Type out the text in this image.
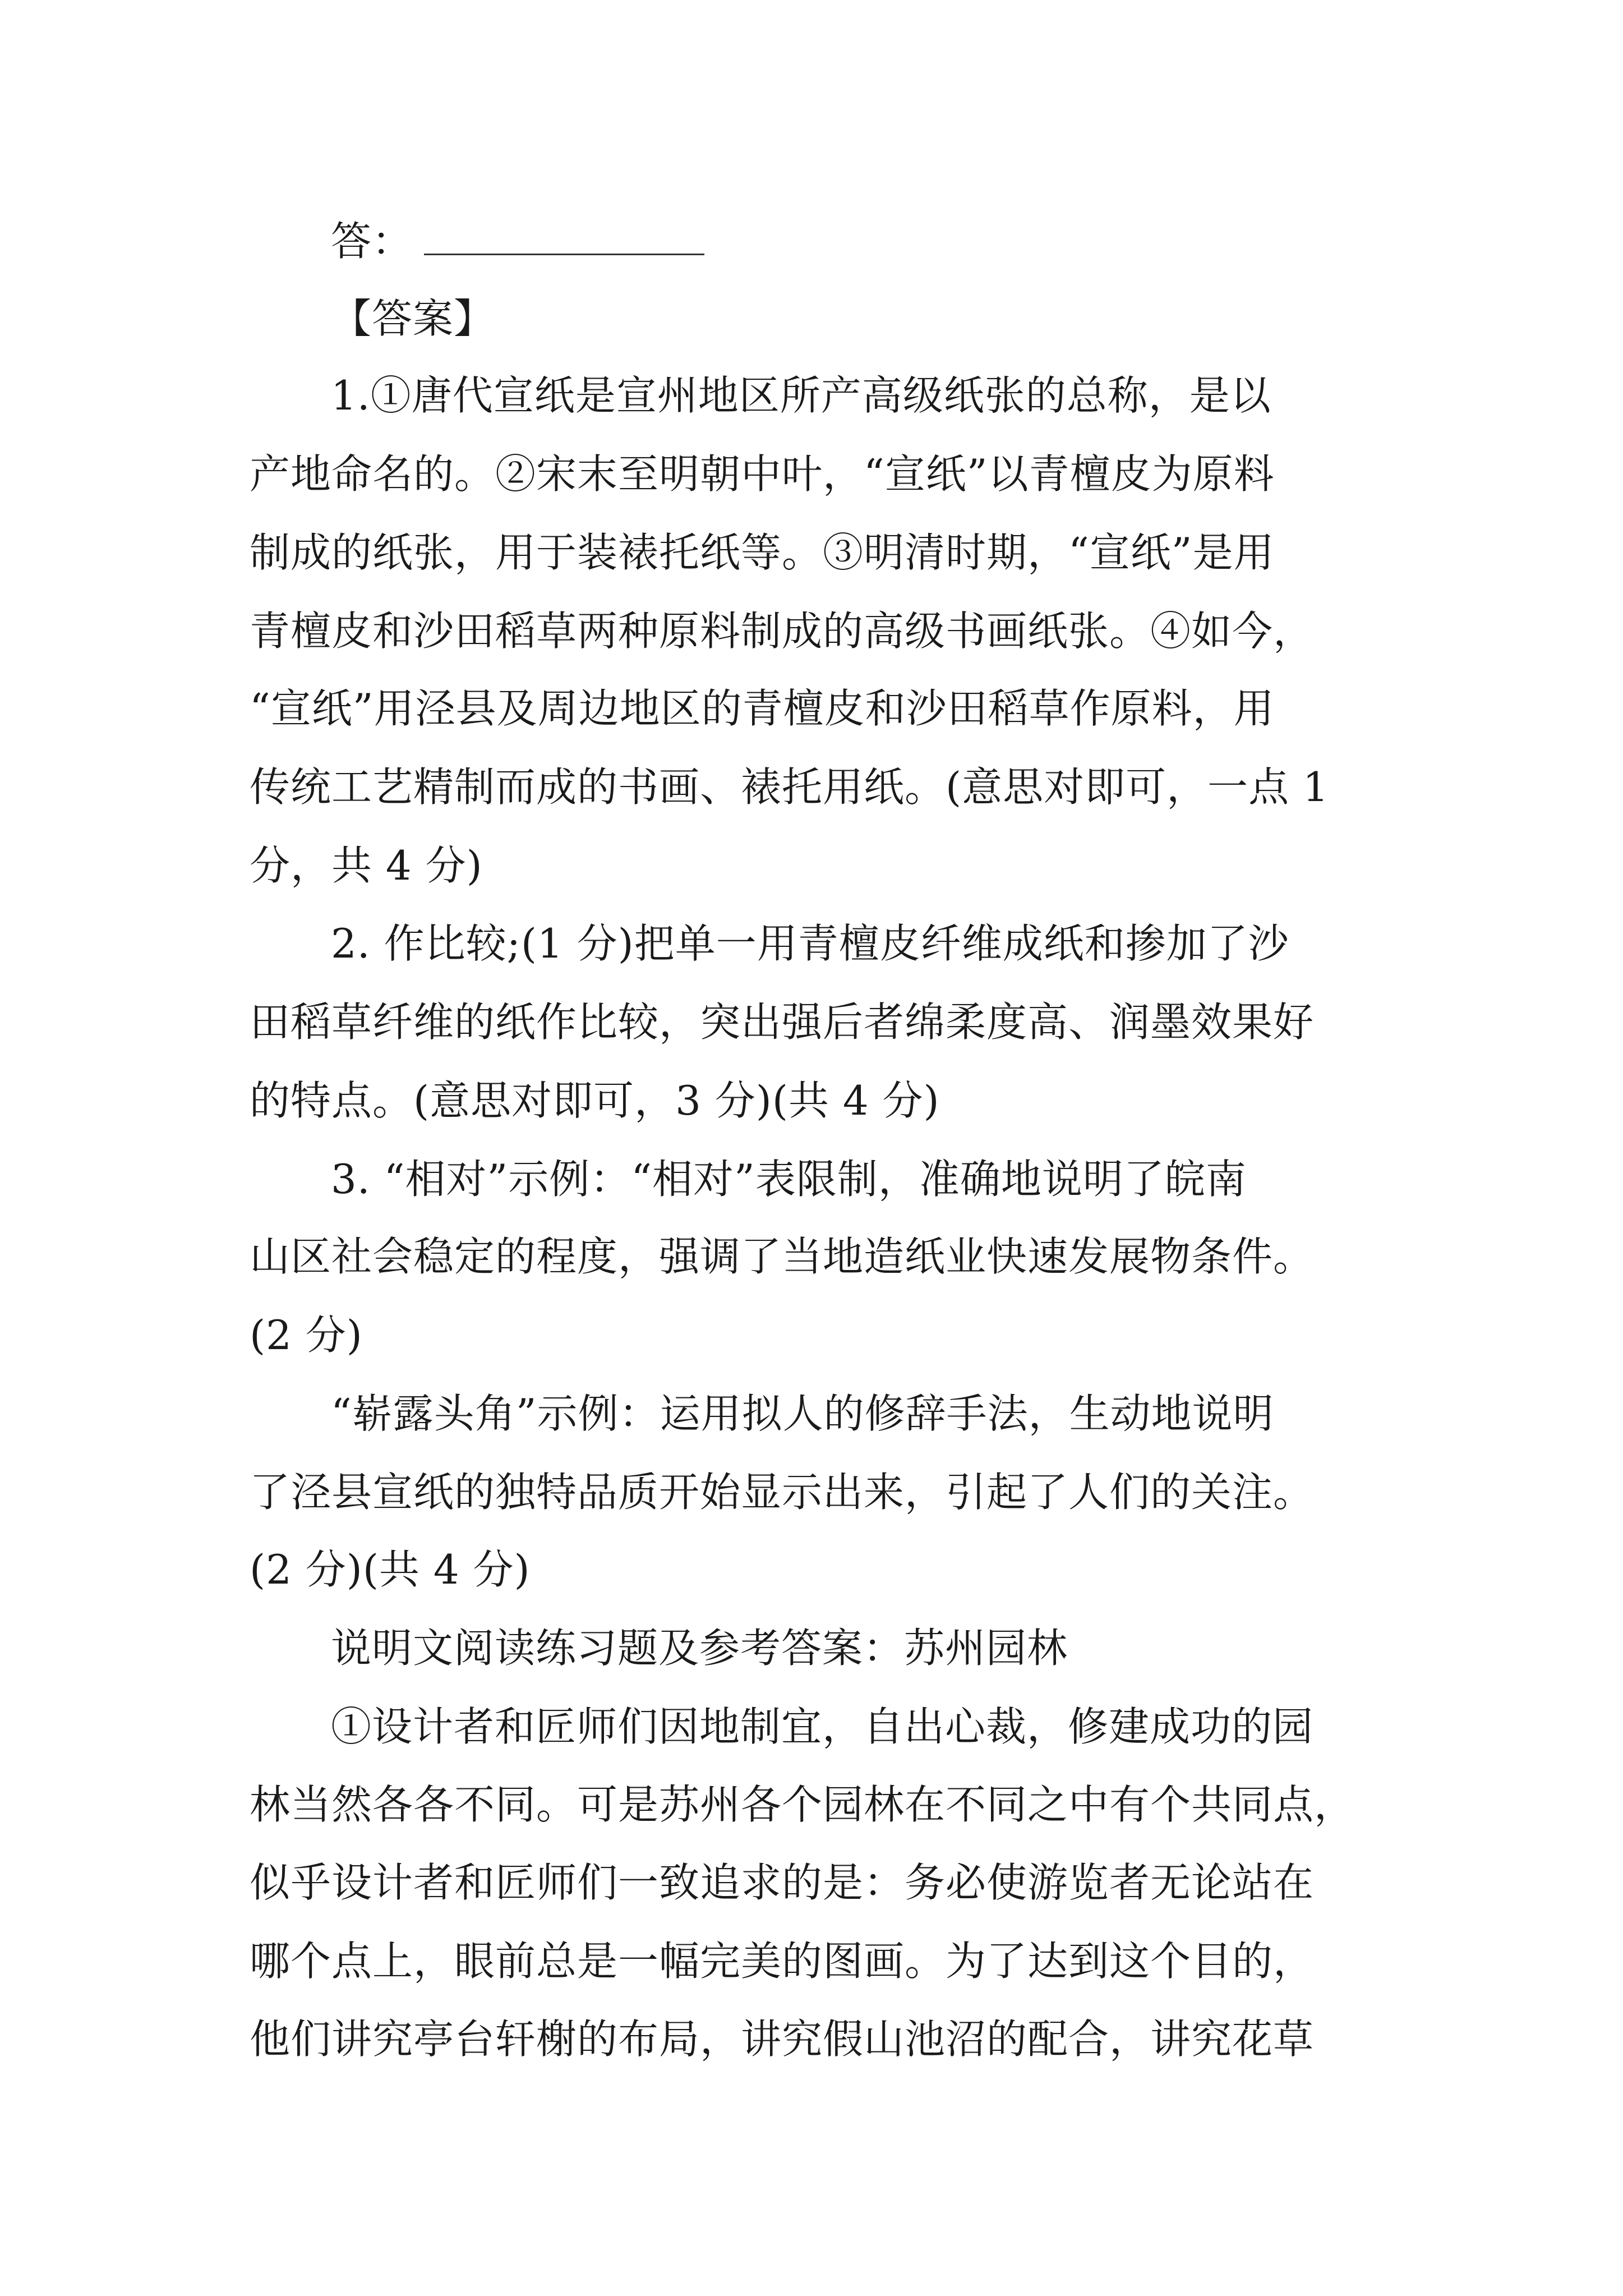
答：
【答案】
1.①唐代宣纸是宣州地区所产高级纸张的总称，是以
产地命名的。②宋末至明朝中叶，“宣纸”以青檀皮为原料
制成的纸张，用于装裱托纸等。③明清时期，“宣纸”是用
青檀皮和沙田稻草两种原料制成的高级书画纸张。④如今，
“宣纸”用泾县及周边地区的青檀皮和沙田稻草作原料，用
传统工艺精制而成的书画、裱托用纸。(意思对即可，一点 1
分，共 4 分)
2. 作比较;(1 分)把单一用青檀皮纤维成纸和掺加了沙
田稻草纤维的纸作比较，突出强后者绵柔度高、润墨效果好
的特点。(意思对即可，3 分)(共 4 分)
3. “相对”示例：“相对”表限制，准确地说明了皖南
山区社会稳定的程度，强调了当地造纸业快速发展物条件。
(2 分)
“崭露头角”示例：运用拟人的修辞手法，生动地说明
了泾县宣纸的独特品质开始显示出来，引起了人们的关注。
(2 分)(共 4 分)
说明文阅读练习题及参考答案：苏州园林
①设计者和匠师们因地制宜，自出心裁，修建成功的园
林当然各各不同。可是苏州各个园林在不同之中有个共同点，
似乎设计者和匠师们一致追求的是：务必使游览者无论站在
哪个点上，眼前总是一幅完美的图画。为了达到这个目的，
他们讲究亭台轩榭的布局，讲究假山池沼的配合，讲究花草
